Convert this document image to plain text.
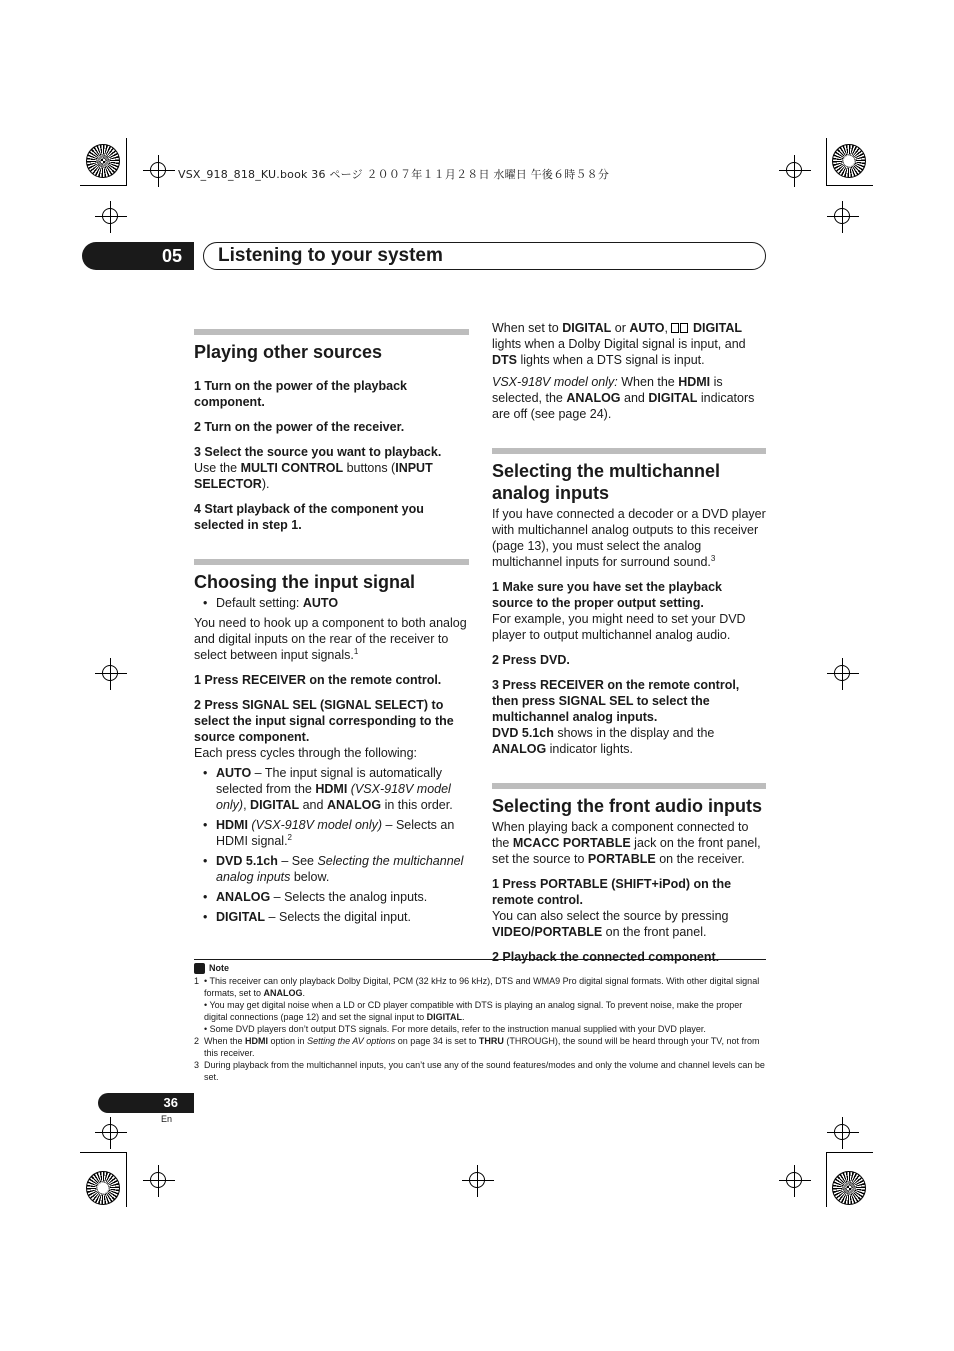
VSX_918_818_KU.book 36 ページ ２００７年１１月２８日 水曜日 午後６時５８分
05	Listening to your system
Playing other sources

1 Turn on the power of the playback component.

2 Turn on the power of the receiver.

3 Select the source you want to playback.

Use the MULTI CONTROL buttons (INPUT SELECTOR).

4 Start playback of the component you selected in step 1.

Choosing the input signal
• Default setting: AUTO

You need to hook up a component to both analog and digital inputs on the rear of the receiver to select between input signals.$^1$

1 Press RECEIVER on the remote control.

2 Press SIGNAL SEL (SIGNAL SELECT) to select the input signal corresponding to the source component.

Each press cycles through the following:

• AUTO – The input signal is automatically selected from the HDMI (VSX-918V model only), DIGITAL and ANALOG in this order.
• HDMI (VSX-918V model only) – Selects an HDMI signal.$^2$
• DVD 5.1ch – See Selecting the multichannel analog inputs below.
• ANALOG – Selects the analog inputs.
• DIGITAL – Selects the digital input.

When set to DIGITAL or AUTO,  DIGITAL lights when a Dolby Digital signal is input, and DTS lights when a DTS signal is input.

VSX-918V model only: When the HDMI is selected, the ANALOG and DIGITAL indicators are off (see page 24).

Selecting the multichannel analog inputs

If you have connected a decoder or a DVD player with multichannel analog outputs to this receiver (page 13), you must select the analog multichannel inputs for surround sound.$^3$

1 Make sure you have set the playback source to the proper output setting.

For example, you might need to set your DVD player to output multichannel analog audio.

2 Press DVD.

3 Press RECEIVER on the remote control, then press SIGNAL SEL to select the multichannel analog inputs.

DVD 5.1ch shows in the display and the ANALOG indicator lights.

Selecting the front audio inputs

When playing back a component connected to the MCACC PORTABLE jack on the front panel, set the source to PORTABLE on the receiver.

1 Press PORTABLE (SHIFT+iPod) on the remote control.

You can also select the source by pressing VIDEO/PORTABLE on the front panel.

2 Playback the connected component.

Note
1 • This receiver can only playback Dolby Digital, PCM (32 kHz to 96 kHz), DTS and WMA9 Pro digital signal formats. With other digital signal formats, set to ANALOG.
• You may get digital noise when a LD or CD player compatible with DTS is playing an analog signal. To prevent noise, make the proper digital connections (page 12) and set the signal input to DIGITAL.
• Some DVD players don’t output DTS signals. For more details, refer to the instruction manual supplied with your DVD player.
2 When the HDMI option in Setting the AV options on page 34 is set to THRU (THROUGH), the sound will be heard through your TV, not from this receiver.
3 During playback from the multichannel inputs, you can’t use any of the sound features/modes and only the volume and channel levels can be set.
36
En
